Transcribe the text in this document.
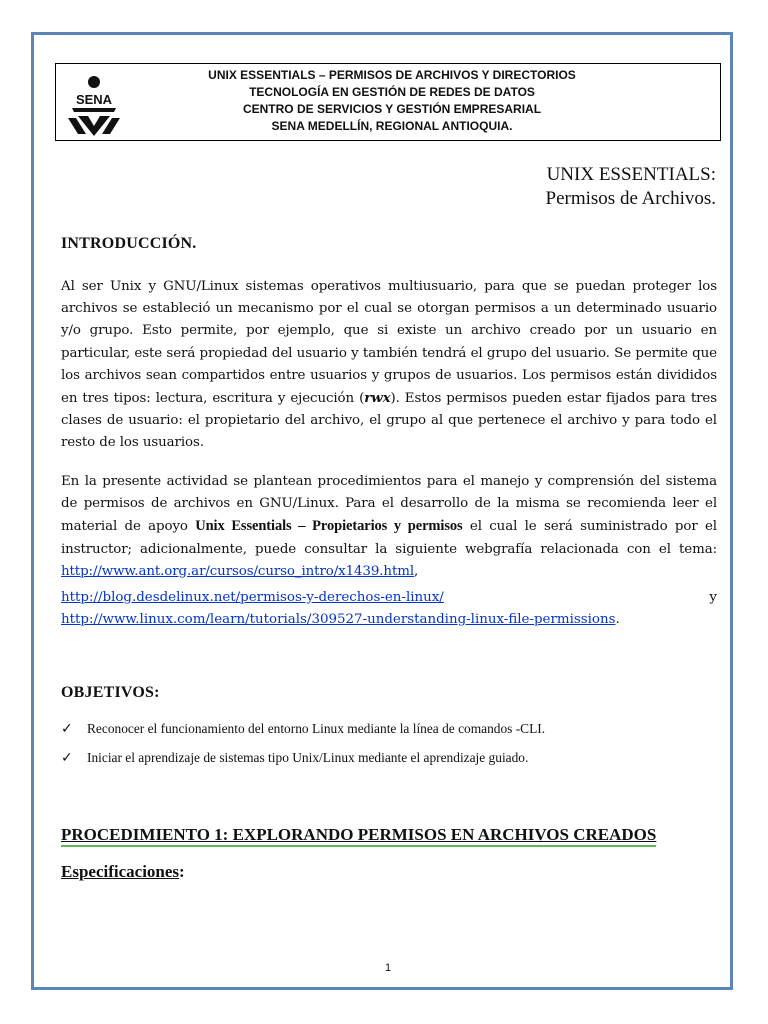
SENA
UNIX ESSENTIALS – PERMISOS DE ARCHIVOS Y DIRECTORIOS
TECNOLOGÍA EN GESTIÓN DE REDES DE DATOS
CENTRO DE SERVICIOS Y GESTIÓN EMPRESARIAL
SENA MEDELLÍN, REGIONAL ANTIOQUIA.
UNIX ESSENTIALS:
Permisos de Archivos.
INTRODUCCIÓN.
Al ser Unix y GNU/Linux sistemas operativos multiusuario, para que se puedan proteger los archivos se estableció un mecanismo por el cual se otorgan permisos a un determinado usuario y/o grupo. Esto permite, por ejemplo, que si existe un archivo creado por un usuario en particular, este será propiedad del usuario y también tendrá el grupo del usuario. Se permite que los archivos sean compartidos entre usuarios y grupos de usuarios. Los permisos están divididos en tres tipos: lectura, escritura y ejecución (rwx). Estos permisos pueden estar fijados para tres clases de usuario: el propietario del archivo, el grupo al que pertenece el archivo y para todo el resto de los usuarios.
En la presente actividad se plantean procedimientos para el manejo y comprensión del sistema de permisos de archivos en GNU/Linux. Para el desarrollo de la misma se recomienda leer el material de apoyo Unix Essentials – Propietarios y permisos el cual le será suministrado por el instructor; adicionalmente, puede consultar la siguiente webgrafía relacionada con el tema: http://www.ant.org.ar/cursos/curso_intro/x1439.html,
http://blog.desdelinux.net/permisos-y-derechos-en-linux/	y
http://www.linux.com/learn/tutorials/309527-understanding-linux-file-permissions.
OBJETIVOS:
✓ Reconocer el funcionamiento del entorno Linux mediante la línea de comandos -CLI.
✓ Iniciar el aprendizaje de sistemas tipo Unix/Linux mediante el aprendizaje guiado.
PROCEDIMIENTO 1: EXPLORANDO PERMISOS EN ARCHIVOS CREADOS
Especificaciones:
1
